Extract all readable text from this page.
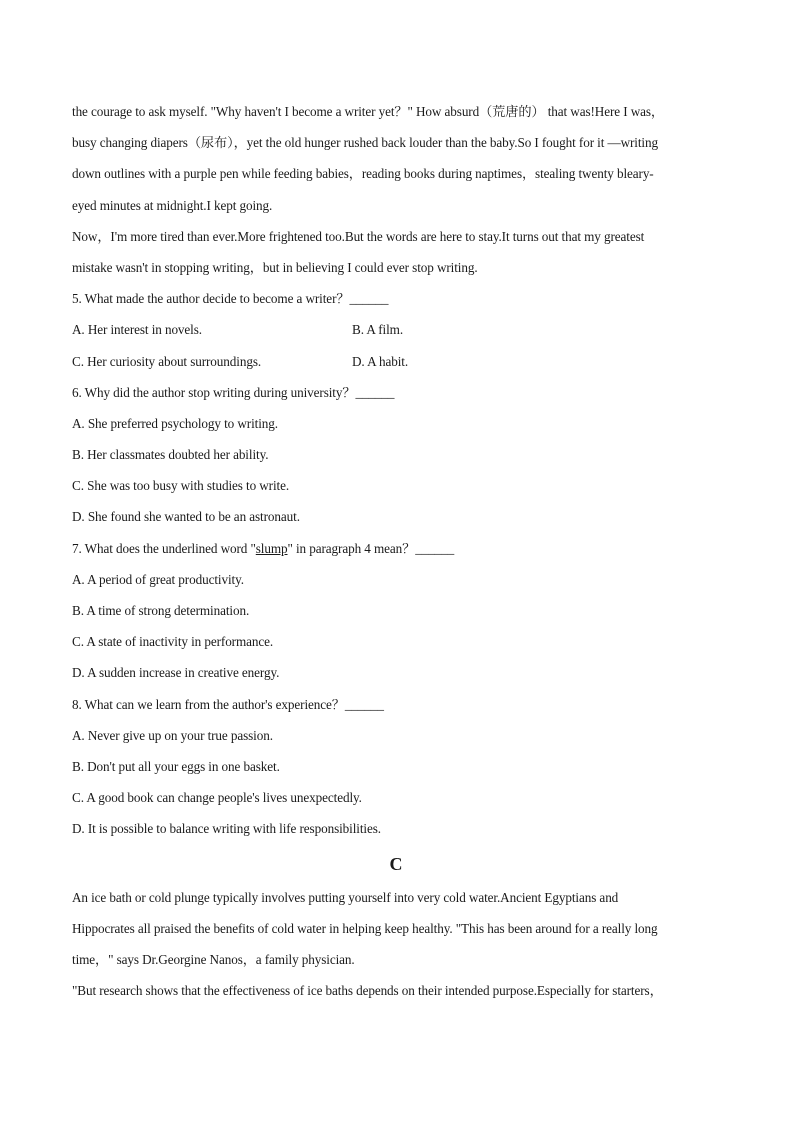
the courage to ask myself. "Why haven't I become a writer yet？" How absurd（荒唐的） that was!Here I was，
busy changing diapers（尿布），yet the old hunger rushed back louder than the baby.So I fought for it —writing
down outlines with a purple pen while feeding babies，reading books during naptimes，stealing twenty bleary-
eyed minutes at midnight.I kept going.
Now，I'm more tired than ever.More frightened too.But the words are here to stay.It turns out that my greatest
mistake wasn't in stopping writing，but in believing I could ever stop writing.
5. What made the author decide to become a writer？______
A. Her interest in novels.	B. A film.
C. Her curiosity about surroundings.	D. A habit.
6. Why did the author stop writing during university？______
A. She preferred psychology to writing.
B. Her classmates doubted her ability.
C. She was too busy with studies to write.
D. She found she wanted to be an astronaut.
7. What does the underlined word "slump" in paragraph 4 mean？______
A. A period of great productivity.
B. A time of strong determination.
C. A state of inactivity in performance.
D. A sudden increase in creative energy.
8. What can we learn from the author's experience？______
A. Never give up on your true passion.
B. Don't put all your eggs in one basket.
C. A good book can change people's lives unexpectedly.
D. It is possible to balance writing with life responsibilities.
C
An ice bath or cold plunge typically involves putting yourself into very cold water.Ancient Egyptians and
Hippocrates all praised the benefits of cold water in helping keep healthy. "This has been around for a really long
time，" says Dr.Georgine Nanos，a family physician.
"But research shows that the effectiveness of ice baths depends on their intended purpose.Especially for starters，
